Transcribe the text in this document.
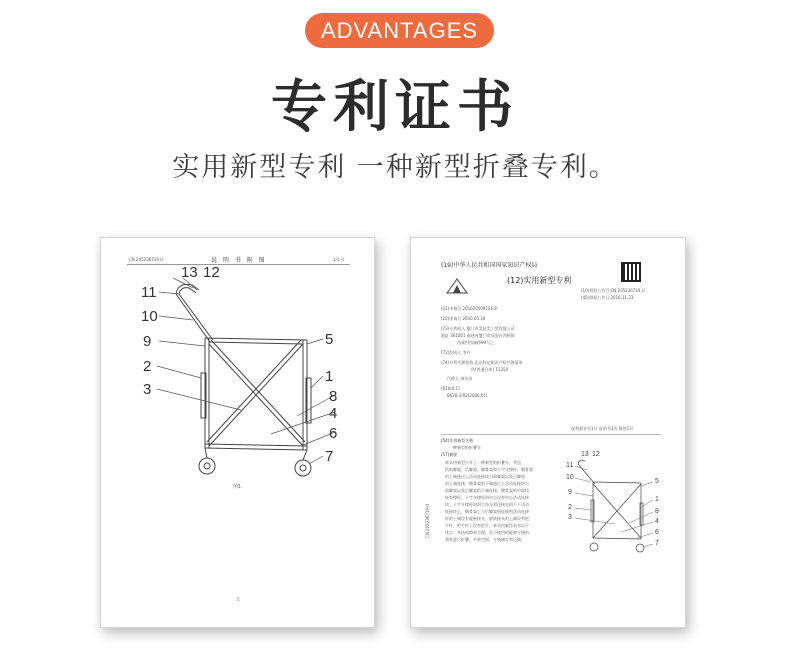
ADVANTAGES
专利证书
实用新型专利 一种新型折叠专利。
CN 205236719 U	说 明 书 附 图	1/1 页
13 12
11
10
9
2
3
5
1
8
4
6
7
图1
5
(19)中华人民共和国国家知识产权局
(12)实用新型专利
(10)授权公告号 CN 205236719 U
(45)授权公告日 2016.11.23
(21)申请号 201620509126.8
(22)申请日 2016.05.30
(73)专利权人 厦门市美居美工贸有限公司
地址 361001 福建省厦门市同安区西柯街
西溪村西湖路99号之
(72)发明人 李丹
(74)专利代理机构 北京科亿知识产权代理事务
所(普通合伙) 11350
代理人 汤东凤
(51)Int.Cl.
B62B 3/02(2006.01)
权利要求书1页 说明书3页 附图1页
(54)实用新型名称
一种新型的折叠车
(57)摘要
本实用新型公开了一种新型的折叠车，其包
括前脚架、后脚架、侧骨架和十字支撑杆，侧骨架
的上端通过上活动连接块与前脚架以及后脚架
的上端连接，侧骨架的下端通过下活动连接块与
前脚架以及后脚架的下端连接，侧骨架的中部铰
接有撑杆，十字支撑杆的中心设有中心活动连接
块，十字支撑杆的四个角分别连接在四个下活动
连接块上，侧骨架上与后脚架相连接的活动连接
杆的上端设有旋转接头，旋转接头的上端设有把
手杆，把手杆上设有把手，本实用新型具有以下
优点：其结构简单合理，在不使用时能够方便的
将其进行折叠，节省空间，方便储存和运输。
CN 205236719 U
13 12
11
10
9
2
3
5
1
8
4
6
7
